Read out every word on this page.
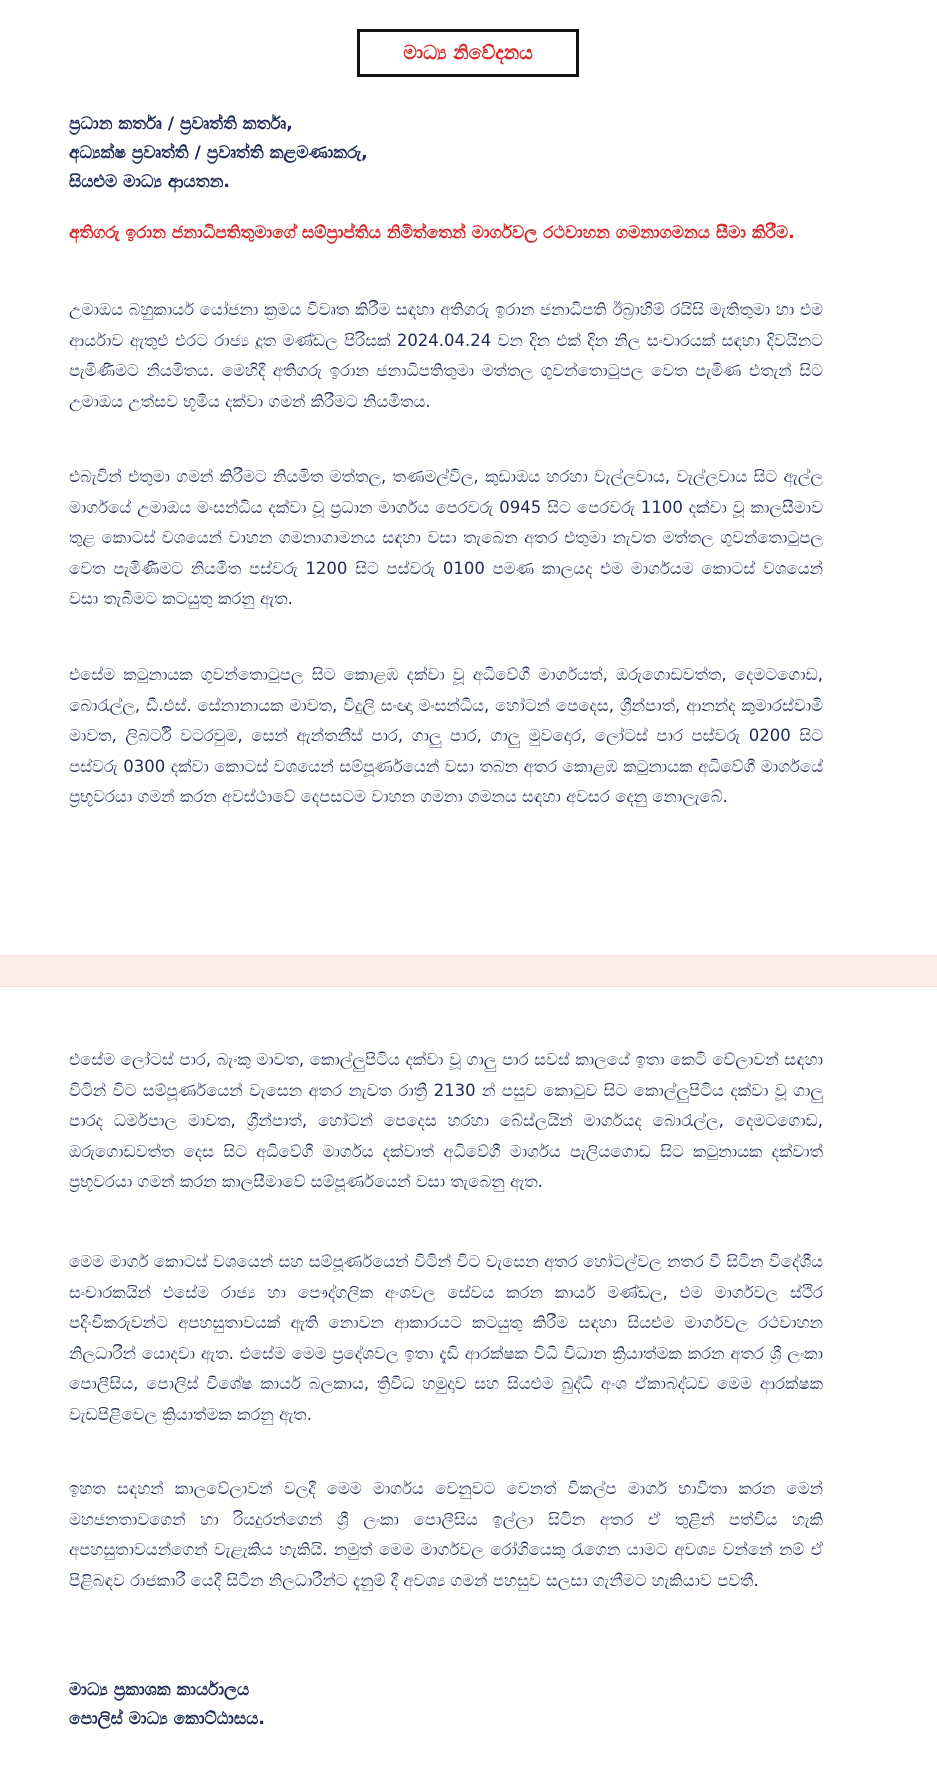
මාධ්‍ය නිවේදනය
ප්‍රධාන කර්තෘ / ප්‍රවෘත්ති කර්තෘ,
අධ්‍යක්ෂ ප්‍රවෘත්ති / ප්‍රවෘත්ති කළමණාකරු,
සියළුම මාධ්‍ය ආයතන.
අතිගරු ඉරාන ජනාධිපතිතුමාගේ සම්ප්‍රාප්තිය නිමිත්තෙන් මාර්ගවල රථවාහන ගමනාගමනය සීමා කිරීම.

උමාඔය බහුකාර්ය යෝජනා ක්‍රමය විවෘත කිරීම සඳහා අතිගරු ඉරාන ජනාධිපති ඊබ්‍රාහිම් රයිසි මැතිතුමා හා එම ආර්යාව ඇතුළු එරට රාජ්‍ය දූත මණ්ඩල පිරිසක් 2024.04.24 වන දින එක් දින නිල සංචාරයක් සඳහා දිවයිනට පැමිණීමට නියමිතය. මෙහිදී අතිගරු ඉරාන ජනාධිපතිතුමා මත්තල ගුවන්තොටුපල වෙත පැමිණ එතැන් සිට උමාඔය උත්සව භූමිය දක්වා ගමන් කිරීමට නියමිතය.

එබැවින් එතුමා ගමන් කිරීමට නියමිත මත්තල, තණමල්විල, කුඩාඔය හරහා වැල්ලවාය, වැල්ලවාය සිට ඇල්ල මාර්ගයේ උමාඔය මංසන්ධිය දක්වා වූ ප්‍රධාන මාර්ගය පෙරවරු 0945 සිට පෙරවරු 1100 දක්වා වූ කාලසීමාව තුළ කොටස් වශයෙන් වාහන ගමනාගාමනය සඳහා වසා තැබෙන අතර එතුමා නැවත මත්තල ගුවන්තොටුපල වෙත පැමිණීමට නියමිත පස්වරු 1200 සිට පස්වරු 0100 පමණ කාලයද එම මාර්ගයම කොටස් වශයෙන් වසා තැබීමට කටයුතු කරනු ඇත.

එසේම කටුනායක ගුවන්තොටුපල සිට කොළඹ දක්වා වූ අධිවේගී මාර්ගයත්, ඔරුගොඩවත්ත, දෙමටගොඩ, බොරැල්ල, ඩී.එස්. සේනානායක මාවත, විදුලි සංඥා මංසන්ධිය, හෝටන් පෙදෙස, ග්‍රීන්පාත්, ආනන්ද කුමාරස්වාමි මාවත, ලිබර්ටි වටරවුම, සෙන් ඇන්තනීස් පාර, ගාලු පාර, ගාලු මුවදොර, ලෝටස් පාර පස්වරු 0200 සිට පස්වරු 0300 දක්වා කොටස් වශයෙන් සම්පූර්ණයෙන් වසා තබන අතර කොළඹ කටුනායක අධිවේගී මාර්ගයේ ප්‍රභූවරයා ගමන් කරන අවස්ථාවේ දෙපසටම වාහන ගමනා ගමනය සඳහා අවසර දෙනු නොලැබේ.

එසේම ලෝටස් පාර, බැංකු මාවත, කොල්ලුපිටිය දක්වා වූ ගාලු පාර සවස් කාලයේ ඉතා කෙටි වේලාවන් සඳහා විටින් විට සම්පූර්ණයෙන් වැසෙන අතර නැවත රාත්‍රී 2130 න් පසුව කොටුව සිට කොල්ලුපිටිය දක්වා වූ ගාලු පාරද ධර්මපාල මාවත, ග්‍රීන්පාත්, හෝටන් පෙදෙස හරහා බේස්ලයින් මාර්ගයද බොරැල්ල, දෙමටගොඩ, ඔරුගොඩවත්ත දෙස සිට අධිවේගී මාර්ගය දක්වාත් අධිවේගී මාර්ගය පැලියගොඩ සිට කටුනායක දක්වාත් ප්‍රභූවරයා ගමන් කරන කාලසීමාවේ සම්පූර්ණයෙන් වසා තැබෙනු ඇත.

මෙම මාර්ග කොටස් වශයෙන් සහ සම්පූර්ණයෙන් විටින් විට වැසෙන අතර හෝටල්වල නතර වී සිටින විදේශීය සංචාරකයින් එසේම රාජ්‍ය හා පෞද්ගලික අංශවල සේවය කරන කාර්ය මණ්ඩල, එම මාර්ගවල ස්ථිර පදිංචිකරුවන්ට අපහසුතාවයක් ඇති නොවන ආකාරයට කටයුතු කිරීම සඳහා සියළුම මාර්ගවල රථවාහන නිලධාරීන් යොදවා ඇත. එසේම මෙම ප්‍රදේශවල ඉතා දැඩි ආරක්ෂක විධි විධාන ක්‍රියාත්මක කරන අතර ශ්‍රී ලංකා පොලීසිය, පොලිස් විශේෂ කාර්ය බලකාය, ත්‍රිවිධ හමුදාව සහ සියළුම බුද්ධි අංශ ඒකාබද්ධව මෙම ආරක්ෂක වැඩපිළිවෙල ක්‍රියාත්මක කරනු ඇත.

ඉහත සඳහන් කාලවේලාවන් වලදී මෙම මාර්ගය වෙනුවට වෙනත් විකල්ප මාර්ග භාවිතා කරන මෙන් මහජනතාවගෙන් හා රියදුරන්ගෙන් ශ්‍රී ලංකා පොලීසිය ඉල්ලා සිටින අතර ඒ තුළින් පත්විය හැකි අපහසුතාවයන්ගෙන් වැළැකිය හැකියි. නමුත් මෙම මාර්ගවල රෝගියෙකු රැගෙන යාමට අවශ්‍ය වන්නේ නම් ඒ පිළිබඳව රාජකාරී යෙදී සිටින නිලධාරීන්ට දැනුම් දී අවශ්‍ය ගමන් පහසුව සලසා ගැනීමට හැකියාව පවතී.

මාධ්‍ය ප්‍රකාශක කාර්යාලය
පොලිස් මාධ්‍ය කොට්ඨාසය.
